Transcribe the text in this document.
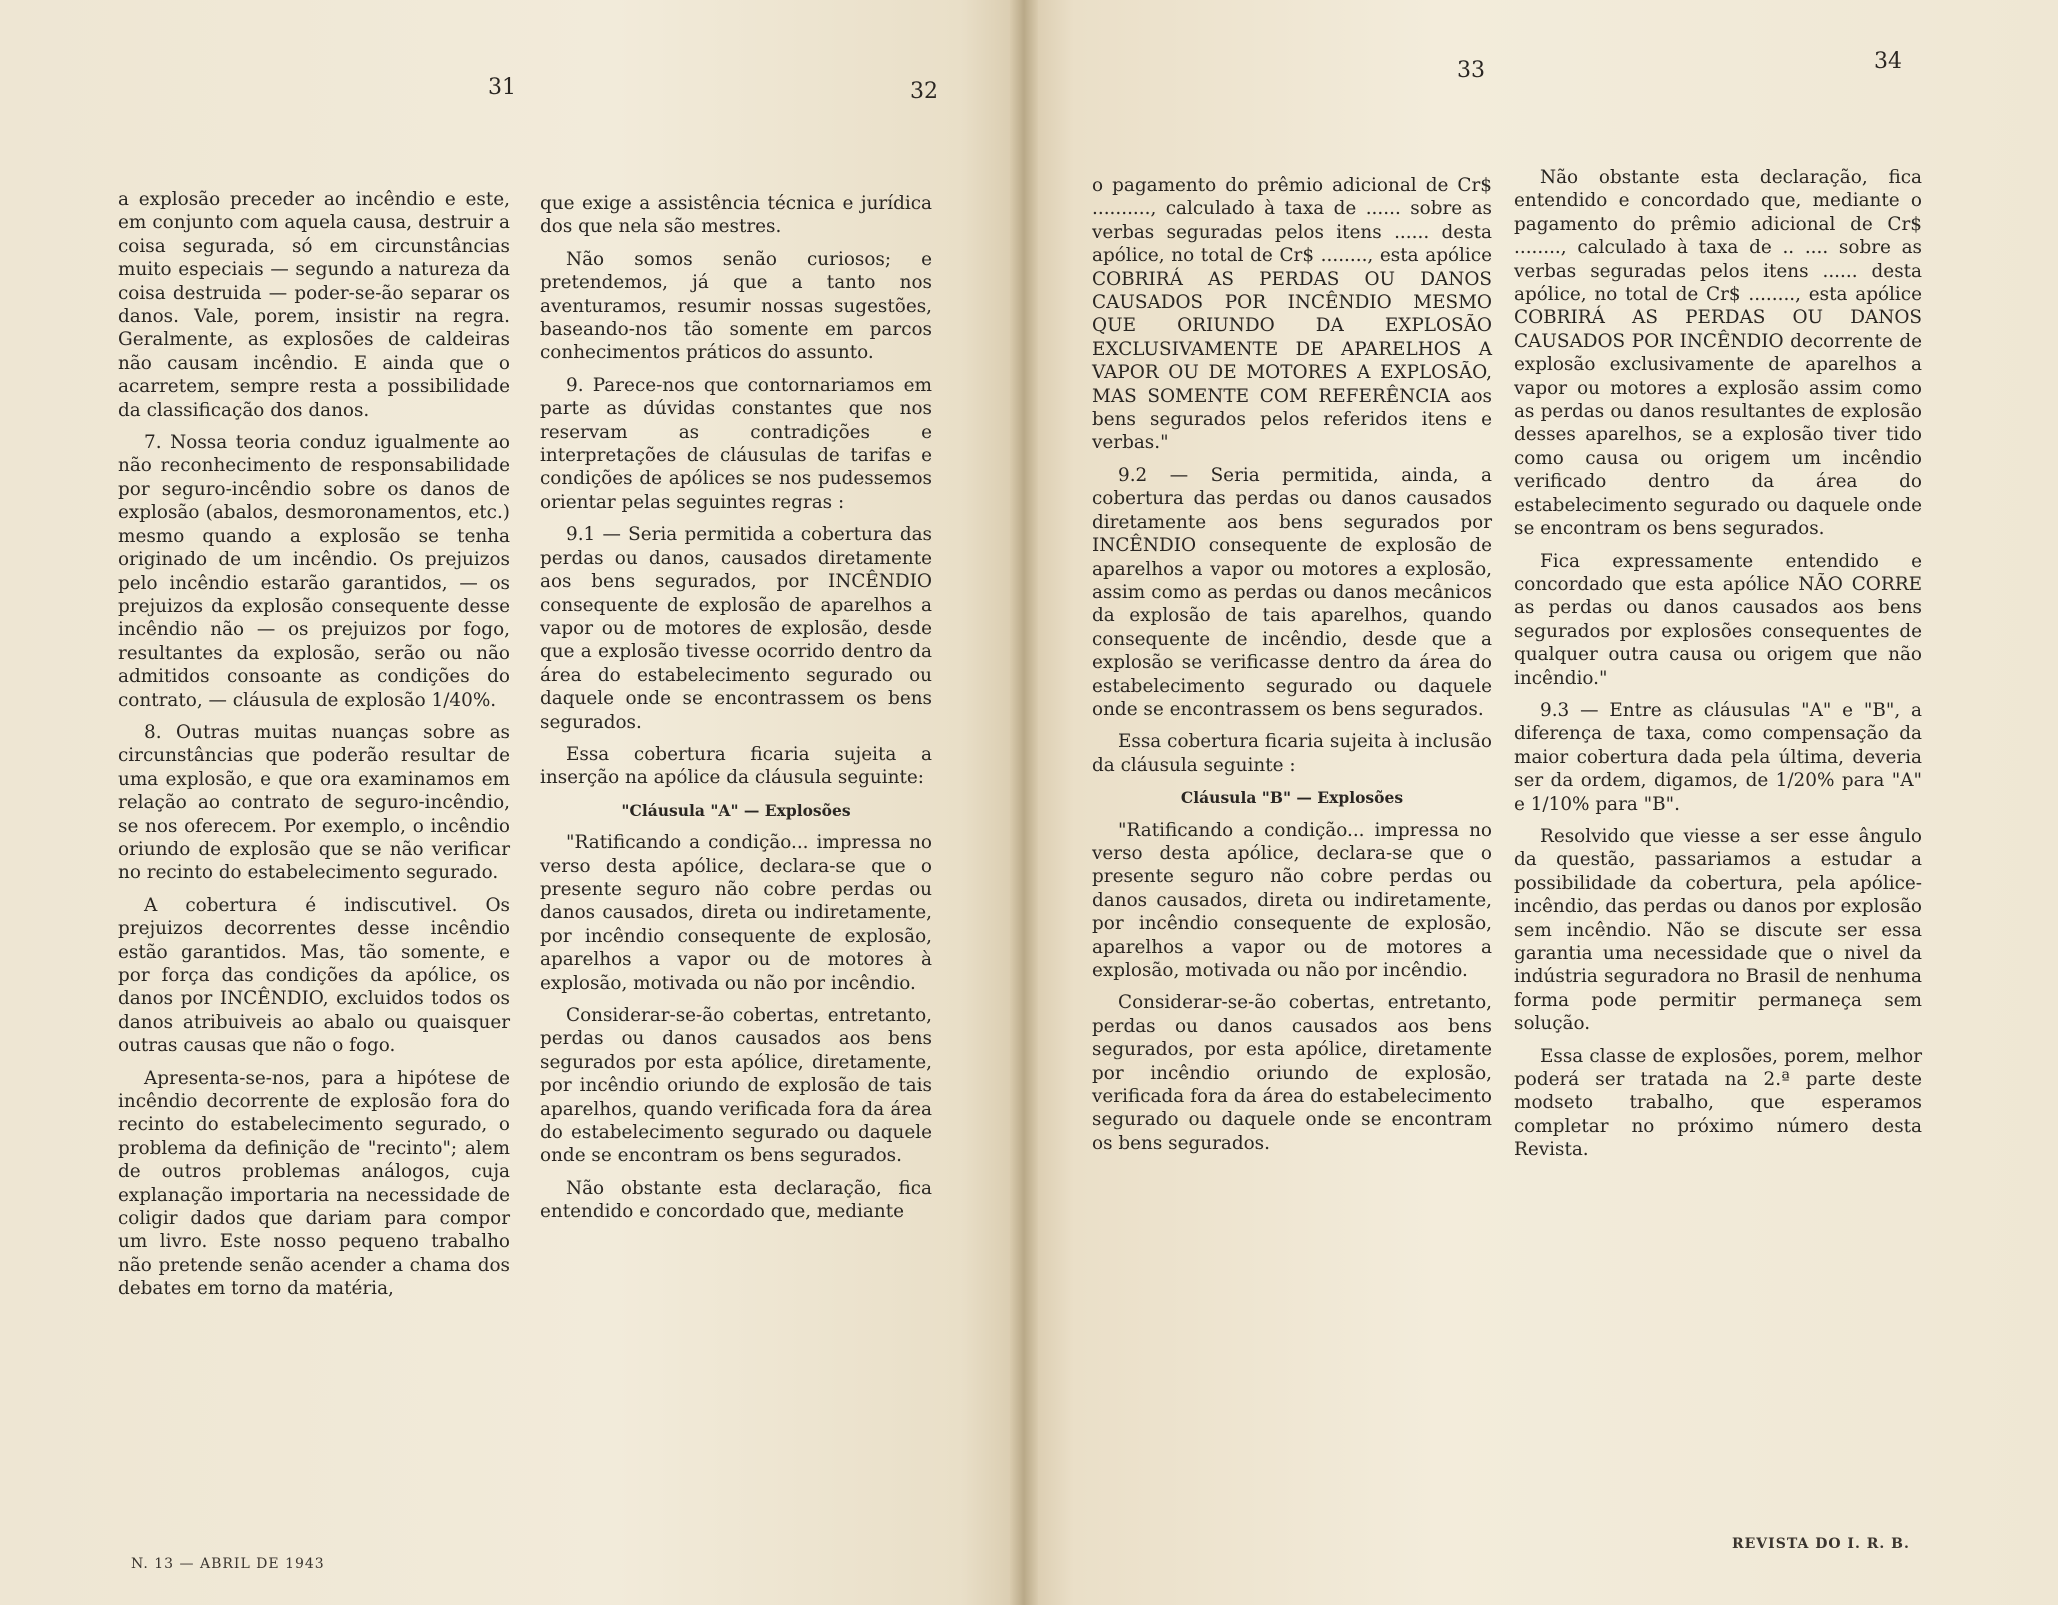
31	32
33	34

a explosão preceder ao incêndio e este, em conjunto com aquela causa, destruir a coisa segurada, só em circunstâncias muito especiais — segundo a natureza da coisa destruida — poder-se-ão separar os danos. Vale, porem, insistir na regra. Geralmente, as explosões de caldeiras não causam incêndio. E ainda que o acarretem, sempre resta a possibilidade da classificação dos danos.

7. Nossa teoria conduz igualmente ao não reconhecimento de responsabilidade por seguro-incêndio sobre os danos de explosão (abalos, desmoronamentos, etc.) mesmo quando a explosão se tenha originado de um incêndio. Os prejuizos pelo incêndio estarão garantidos, — os prejuizos da explosão consequente desse incêndio não — os prejuizos por fogo, resultantes da explosão, serão ou não admitidos consoante as condições do contrato, — cláusula de explosão 1/40%.

8. Outras muitas nuanças sobre as circunstâncias que poderão resultar de uma explosão, e que ora examinamos em relação ao contrato de seguro-incêndio, se nos oferecem. Por exemplo, o incêndio oriundo de explosão que se não verificar no recinto do estabelecimento segurado.

A cobertura é indiscutivel. Os prejuizos decorrentes desse incêndio estão garantidos. Mas, tão somente, e por força das condições da apólice, os danos por INCÊNDIO, excluidos todos os danos atribuiveis ao abalo ou quaisquer outras causas que não o fogo.

Apresenta-se-nos, para a hipótese de incêndio decorrente de explosão fora do recinto do estabelecimento segurado, o problema da definição de "recinto"; alem de outros problemas análogos, cuja explanação importaria na necessidade de coligir dados que dariam para compor um livro. Este nosso pequeno trabalho não pretende senão acender a chama dos debates em torno da matéria,

que exige a assistência técnica e jurídica dos que nela são mestres.

Não somos senão curiosos; e pretendemos, já que a tanto nos aventuramos, resumir nossas sugestões, baseando-nos tão somente em parcos conhecimentos práticos do assunto.

9. Parece-nos que contornariamos em parte as dúvidas constantes que nos reservam as contradições e interpretações de cláusulas de tarifas e condições de apólices se nos pudessemos orientar pelas seguintes regras :

9.1 — Seria permitida a cobertura das perdas ou danos, causados diretamente aos bens segurados, por INCÊNDIO consequente de explosão de aparelhos a vapor ou de motores de explosão, desde que a explosão tivesse ocorrido dentro da área do estabelecimento segurado ou daquele onde se encontrassem os bens segurados.

Essa cobertura ficaria sujeita a inserção na apólice da cláusula seguinte:

"Cláusula "A" — Explosões

"Ratificando a condição... impressa no verso desta apólice, declara-se que o presente seguro não cobre perdas ou danos causados, direta ou indiretamente, por incêndio consequente de explosão, aparelhos a vapor ou de motores à explosão, motivada ou não por incêndio.

Considerar-se-ão cobertas, entretanto, perdas ou danos causados aos bens segurados por esta apólice, diretamente, por incêndio oriundo de explosão de tais aparelhos, quando verificada fora da área do estabelecimento segurado ou daquele onde se encontram os bens segurados.

Não obstante esta declaração, fica entendido e concordado que, mediante

o pagamento do prêmio adicional de Cr$ .........., calculado à taxa de ...... sobre as verbas seguradas pelos itens ...... desta apólice, no total de Cr$ ........, esta apólice COBRIRÁ AS PERDAS OU DANOS CAUSADOS POR INCÊNDIO MESMO QUE ORIUNDO DA EXPLOSÃO EXCLUSIVAMENTE DE APARELHOS A VAPOR OU DE MOTORES A EXPLOSÃO, MAS SOMENTE COM REFERÊNCIA aos bens segurados pelos referidos itens e verbas."

9.2 — Seria permitida, ainda, a cobertura das perdas ou danos causados diretamente aos bens segurados por INCÊNDIO consequente de explosão de aparelhos a vapor ou motores a explosão, assim como as perdas ou danos mecânicos da explosão de tais aparelhos, quando consequente de incêndio, desde que a explosão se verificasse dentro da área do estabelecimento segurado ou daquele onde se encontrassem os bens segurados.

Essa cobertura ficaria sujeita à inclusão da cláusula seguinte :

Cláusula "B" — Explosões

"Ratificando a condição... impressa no verso desta apólice, declara-se que o presente seguro não cobre perdas ou danos causados, direta ou indiretamente, por incêndio consequente de explosão, aparelhos a vapor ou de motores a explosão, motivada ou não por incêndio.

Considerar-se-ão cobertas, entretanto, perdas ou danos causados aos bens segurados, por esta apólice, diretamente por incêndio oriundo de explosão, verificada fora da área do estabelecimento segurado ou daquele onde se encontram os bens segurados.

Não obstante esta declaração, fica entendido e concordado que, mediante o pagamento do prêmio adicional de Cr$ ........, calculado à taxa de .. .... sobre as verbas seguradas pelos itens ...... desta apólice, no total de Cr$ ........, esta apólice COBRIRÁ AS PERDAS OU DANOS CAUSADOS POR INCÊNDIO decorrente de explosão exclusivamente de aparelhos a vapor ou motores a explosão assim como as perdas ou danos resultantes de explosão desses aparelhos, se a explosão tiver tido como causa ou origem um incêndio verificado dentro da área do estabelecimento segurado ou daquele onde se encontram os bens segurados.

Fica expressamente entendido e concordado que esta apólice NÃO CORRE as perdas ou danos causados aos bens segurados por explosões consequentes de qualquer outra causa ou origem que não incêndio."

9.3 — Entre as cláusulas "A" e "B", a diferença de taxa, como compensação da maior cobertura dada pela última, deveria ser da ordem, digamos, de 1/20% para "A" e 1/10% para "B".

Resolvido que viesse a ser esse ângulo da questão, passariamos a estudar a possibilidade da cobertura, pela apólice-incêndio, das perdas ou danos por explosão sem incêndio. Não se discute ser essa garantia uma necessidade que o nivel da indústria seguradora no Brasil de nenhuma forma pode permitir permaneça sem solução.

Essa classe de explosões, porem, melhor poderá ser tratada na 2.ª parte deste modseto trabalho, que esperamos completar no próximo número desta Revista.

N. 13 — ABRIL DE 1943
REVISTA DO I. R. B.
